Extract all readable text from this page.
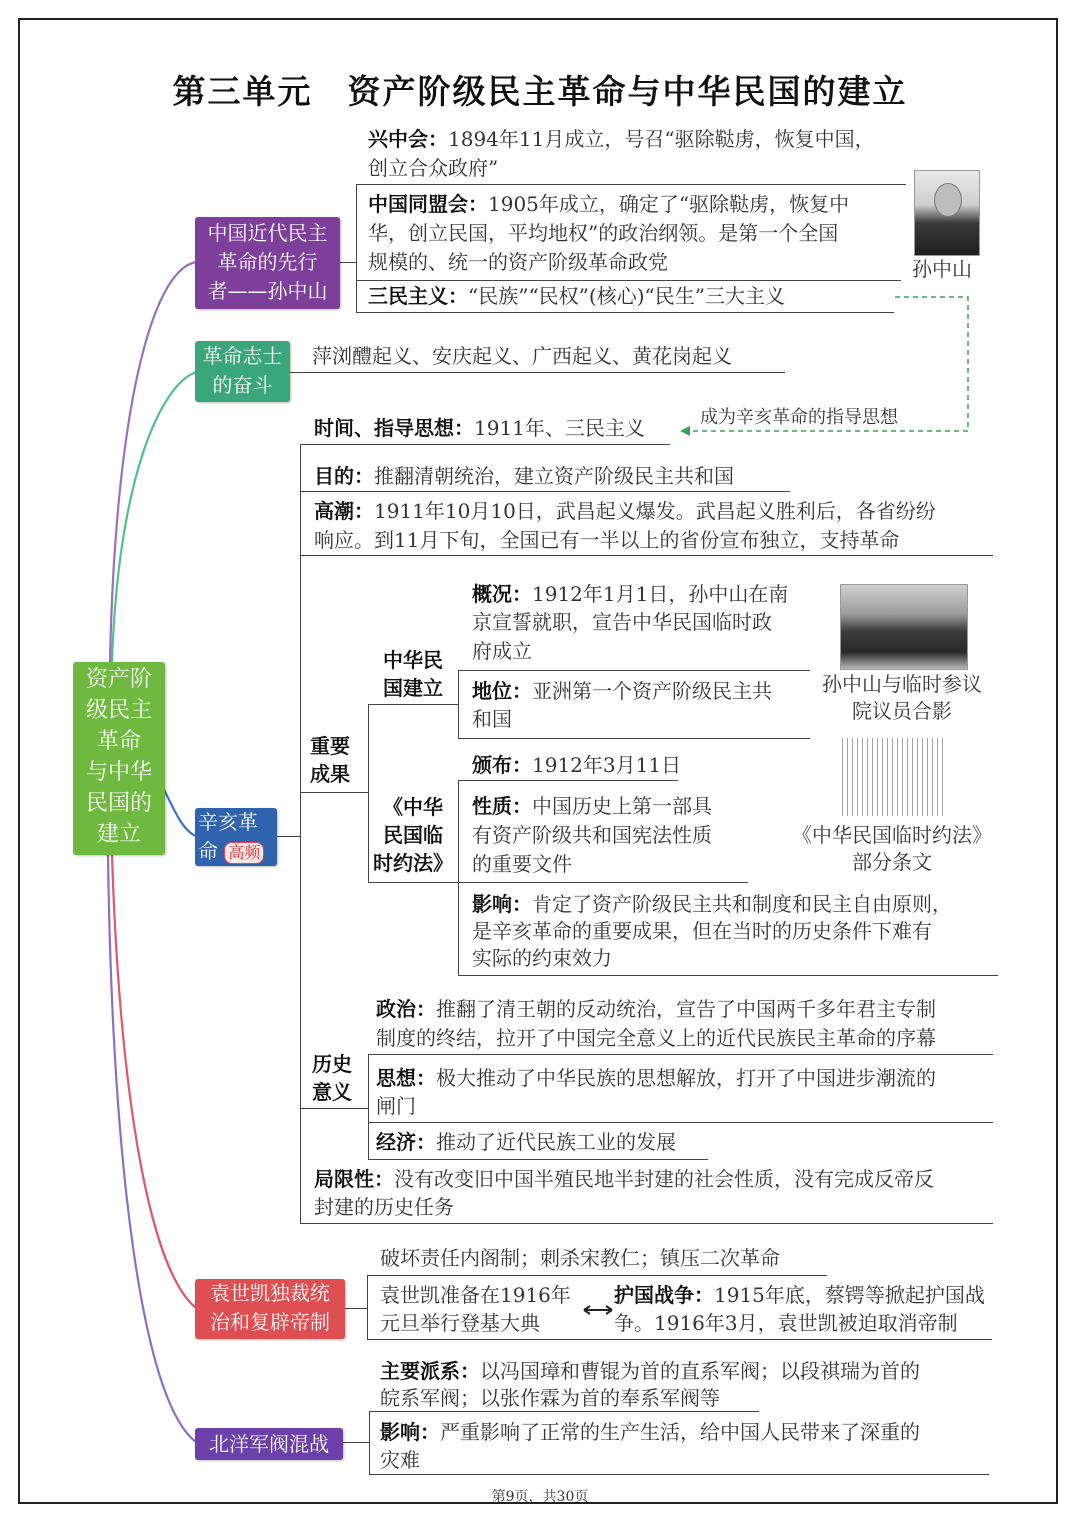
第三单元　资产阶级民主革命与中华民国的建立
资产阶
级民主
革命
与中华
民国的
建立
中国近代民主
革命的先行
者——孙中山
兴中会：1894年11月成立，号召“驱除鞑虏，恢复中国，
创立合众政府”
中国同盟会：1905年成立，确定了“驱除鞑虏，恢复中
华，创立民国，平均地权”的政治纲领。是第一个全国
规模的、统一的资产阶级革命政党
三民主义：“民族”“民权”(核心)“民生”三大主义
孙中山
革命志士
的奋斗
萍浏醴起义、安庆起义、广西起义、黄花岗起义
辛亥革
命 高频
时间、指导思想：1911年、三民主义	成为辛亥革命的指导思想
目的：推翻清朝统治，建立资产阶级民主共和国
高潮：1911年10月10日，武昌起义爆发。武昌起义胜利后，各省纷纷
响应。到11月下旬，全国已有一半以上的省份宣布独立，支持革命
重要
成果
中华民
国建立
概况：1912年1月1日，孙中山在南
京宣誓就职，宣告中华民国临时政
府成立
地位：亚洲第一个资产阶级民主共
和国
孙中山与临时参议
院议员合影
《中华
民国临
时约法》
颁布：1912年3月11日
性质：中国历史上第一部具
有资产阶级共和国宪法性质
的重要文件
《中华民国临时约法》
部分条文
影响：肯定了资产阶级民主共和制度和民主自由原则，
是辛亥革命的重要成果，但在当时的历史条件下难有
实际的约束效力
历史
意义
政治：推翻了清王朝的反动统治，宣告了中国两千多年君主专制
制度的终结，拉开了中国完全意义上的近代民族民主革命的序幕
思想：极大推动了中华民族的思想解放，打开了中国进步潮流的
闸门
经济：推动了近代民族工业的发展
局限性：没有改变旧中国半殖民地半封建的社会性质，没有完成反帝反
封建的历史任务
袁世凯独裁统
治和复辟帝制
破坏责任内阁制；刺杀宋教仁；镇压二次革命
袁世凯准备在1916年
元旦举行登基大典
护国战争：1915年底，蔡锷等掀起护国战
争。1916年3月，袁世凯被迫取消帝制
北洋军阀混战
主要派系：以冯国璋和曹锟为首的直系军阀；以段祺瑞为首的
皖系军阀；以张作霖为首的奉系军阀等
影响：严重影响了正常的生产生活，给中国人民带来了深重的
灾难
第9页，共30页
